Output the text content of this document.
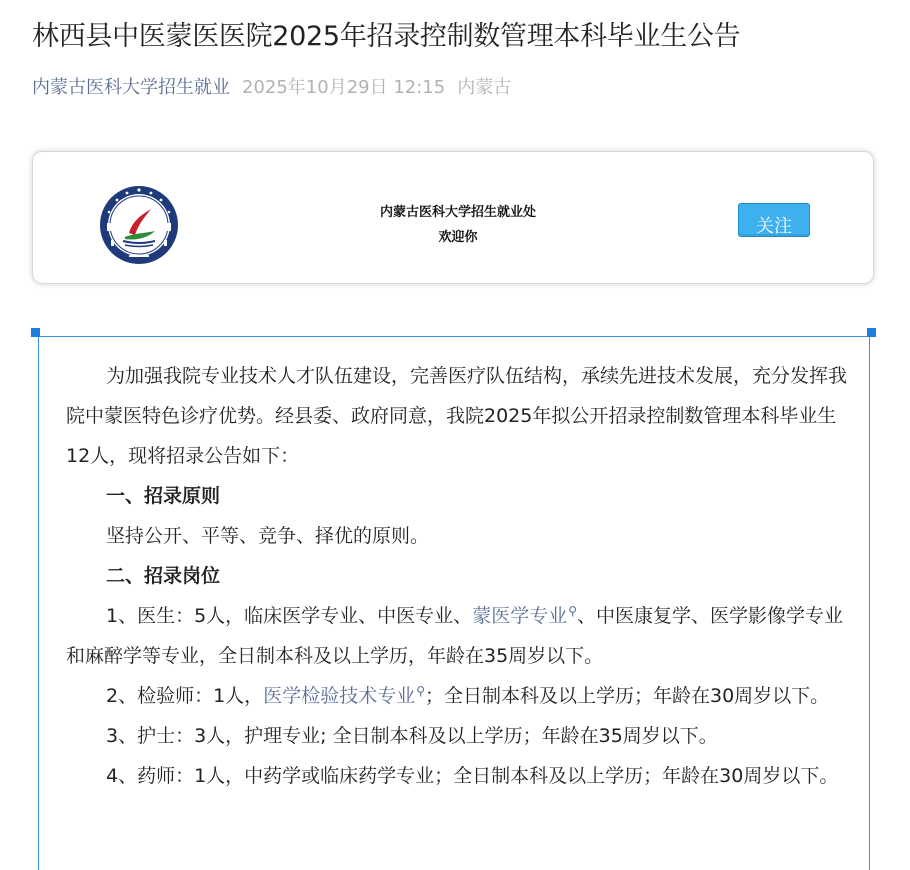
林西县中医蒙医医院2025年招录控制数管理本科毕业生公告
内蒙古医科大学招生就业 2025年10月29日 12:15 内蒙古
内蒙古医科大学招生就业处
欢迎你
关注

为加强我院专业技术人才队伍建设，完善医疗队伍结构，承续先进技术发展，充分发挥我院中蒙医特色诊疗优势。经县委、政府同意，我院2025年拟公开招录控制数管理本科毕业生12人，现将招录公告如下：

一、招录原则

坚持公开、平等、竞争、择优的原则。

二、招录岗位

1、医生：5人，临床医学专业、中医专业、蒙医学专业⚲、中医康复学、医学影像学专业和麻醉学等专业，全日制本科及以上学历，年龄在35周岁以下。

2、检验师：1人，医学检验技术专业⚲；全日制本科及以上学历；年龄在30周岁以下。

3、护士：3人，护理专业; 全日制本科及以上学历；年龄在35周岁以下。

4、药师：1人，中药学或临床药学专业；全日制本科及以上学历；年龄在30周岁以下。
